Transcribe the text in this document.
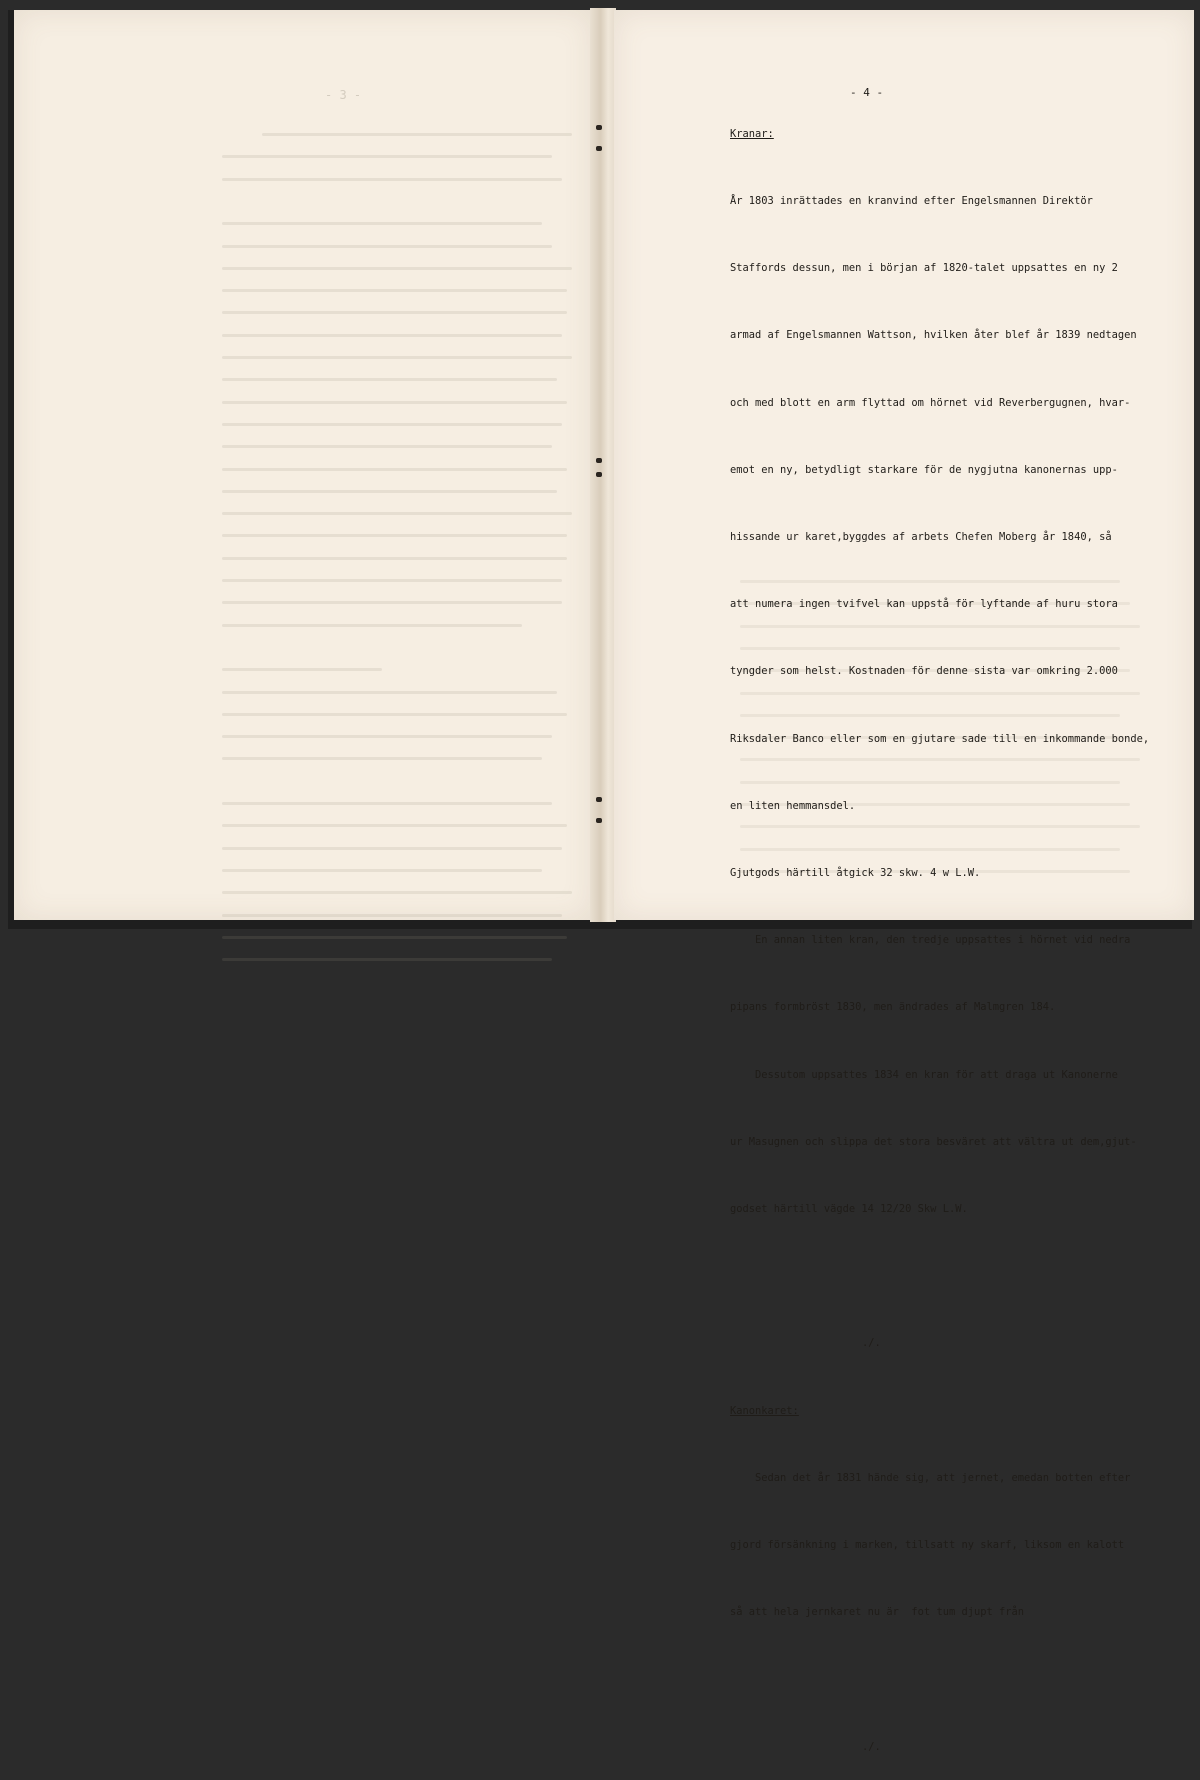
- 3 -	- 4 -

Kranar:

År 1803 inrättades en kranvind efter Engelsmannen Direktör

Staffords dessun, men i början af 1820-talet uppsattes en ny 2

armad af Engelsmannen Wattson, hvilken åter blef år 1839 nedtagen

och med blott en arm flyttad om hörnet vid Reverbergugnen, hvar-

emot en ny, betydligt starkare för de nygjutna kanonernas upp-

hissande ur karet,byggdes af arbets Chefen Moberg år 1840, så

att numera ingen tvifvel kan uppstå för lyftande af huru stora

tyngder som helst. Kostnaden för denne sista var omkring 2.000

Riksdaler Banco eller som en gjutare sade till en inkommande bonde,

en liten hemmansdel.

Gjutgods härtill åtgick 32 skw. 4 w L.W.

En annan liten kran, den tredje uppsattes i hörnet vid nedra

pipans formbröst 1830, men ändrades af Malmgren 184.

Dessutom uppsattes 1834 en kran för att draga ut Kanonerne

ur Masugnen och slippa det stora besväret att vältra ut dem,gjut-

godset härtill vägde 14 12/20 Skw L.W.

./.

Kanonkaret:

Sedan det år 1831 hände sig, att jernet, emedan botten efter

gjord försänkning i marken, tillsatt ny skarf, liksom en kalott

så att hela jernkaret nu är  fot tum djupt från

./.
